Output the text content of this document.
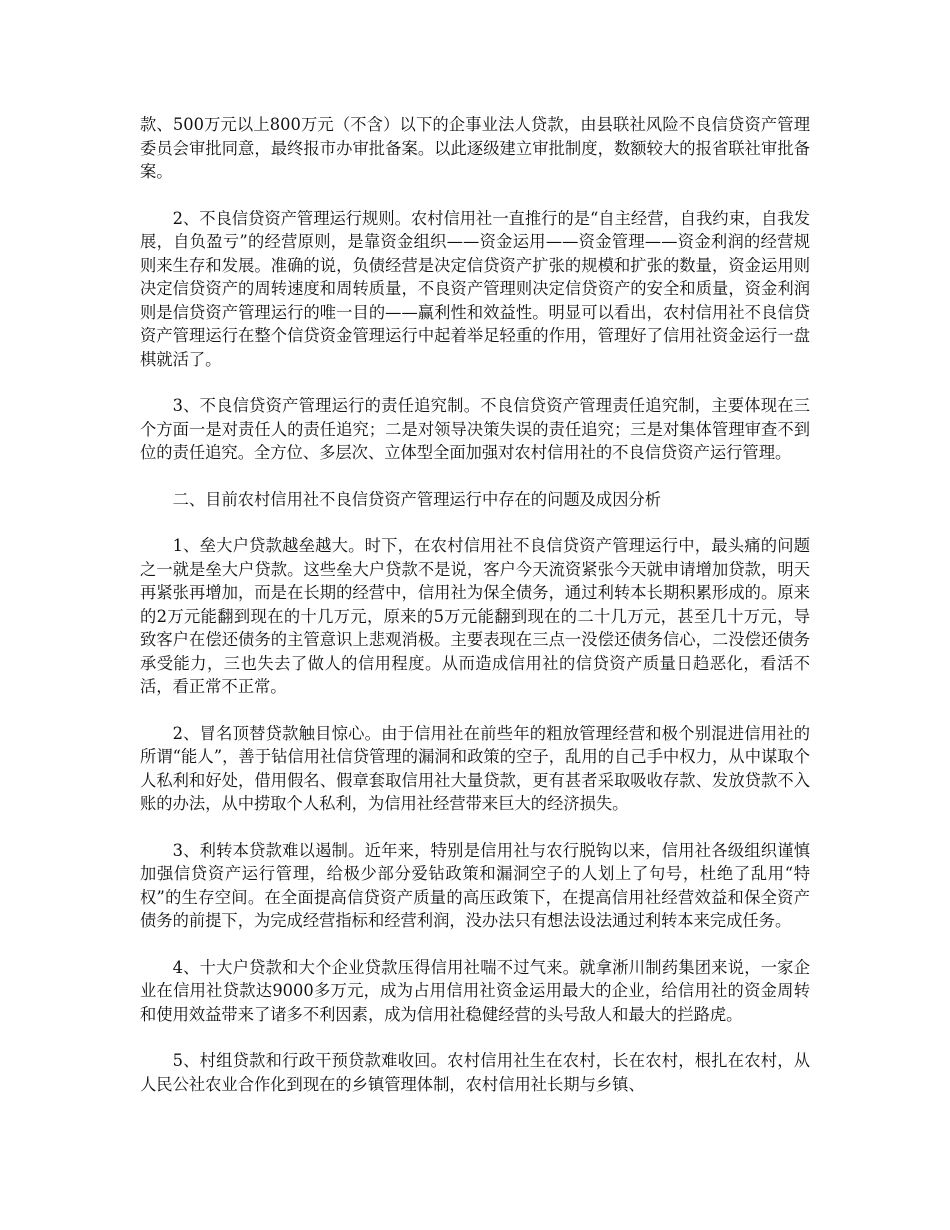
款、500万元以上800万元（不含）以下的企事业法人贷款，由县联社风险不良信贷资产管理委员会审批同意，最终报市办审批备案。以此逐级建立审批制度，数额较大的报省联社审批备案。

2、不良信贷资产管理运行规则。农村信用社一直推行的是“自主经营，自我约束，自我发展，自负盈亏”的经营原则，是靠资金组织——资金运用——资金管理——资金利润的经营规则来生存和发展。准确的说，负债经营是决定信贷资产扩张的规模和扩张的数量，资金运用则决定信贷资产的周转速度和周转质量，不良资产管理则决定信贷资产的安全和质量，资金利润则是信贷资产管理运行的唯一目的——赢利性和效益性。明显可以看出，农村信用社不良信贷资产管理运行在整个信贷资金管理运行中起着举足轻重的作用，管理好了信用社资金运行一盘棋就活了。

3、不良信贷资产管理运行的责任追究制。不良信贷资产管理责任追究制，主要体现在三个方面一是对责任人的责任追究；二是对领导决策失误的责任追究；三是对集体管理审查不到位的责任追究。全方位、多层次、立体型全面加强对农村信用社的不良信贷资产运行管理。

二、目前农村信用社不良信贷资产管理运行中存在的问题及成因分析

1、垒大户贷款越垒越大。时下，在农村信用社不良信贷资产管理运行中，最头痛的问题之一就是垒大户贷款。这些垒大户贷款不是说，客户今天流资紧张今天就申请增加贷款，明天再紧张再增加，而是在长期的经营中，信用社为保全债务，通过利转本长期积累形成的。原来的2万元能翻到现在的十几万元，原来的5万元能翻到现在的二十几万元，甚至几十万元，导致客户在偿还债务的主管意识上悲观消极。主要表现在三点一没偿还债务信心，二没偿还债务承受能力，三也失去了做人的信用程度。从而造成信用社的信贷资产质量日趋恶化，看活不活，看正常不正常。

2、冒名顶替贷款触目惊心。由于信用社在前些年的粗放管理经营和极个别混进信用社的所谓“能人”，善于钻信用社信贷管理的漏洞和政策的空子，乱用的自己手中权力，从中谋取个人私利和好处，借用假名、假章套取信用社大量贷款，更有甚者采取吸收存款、发放贷款不入账的办法，从中捞取个人私利，为信用社经营带来巨大的经济损失。

3、利转本贷款难以遏制。近年来，特别是信用社与农行脱钩以来，信用社各级组织谨慎加强信贷资产运行管理，给极少部分爱钻政策和漏洞空子的人划上了句号，杜绝了乱用“特权”的生存空间。在全面提高信贷资产质量的高压政策下，在提高信用社经营效益和保全资产债务的前提下，为完成经营指标和经营利润，没办法只有想法设法通过利转本来完成任务。

4、十大户贷款和大个企业贷款压得信用社喘不过气来。就拿淅川制药集团来说，一家企业在信用社贷款达9000多万元，成为占用信用社资金运用最大的企业，给信用社的资金周转和使用效益带来了诸多不利因素，成为信用社稳健经营的头号敌人和最大的拦路虎。

5、村组贷款和行政干预贷款难收回。农村信用社生在农村，长在农村，根扎在农村，从人民公社农业合作化到现在的乡镇管理体制，农村信用社长期与乡镇、
